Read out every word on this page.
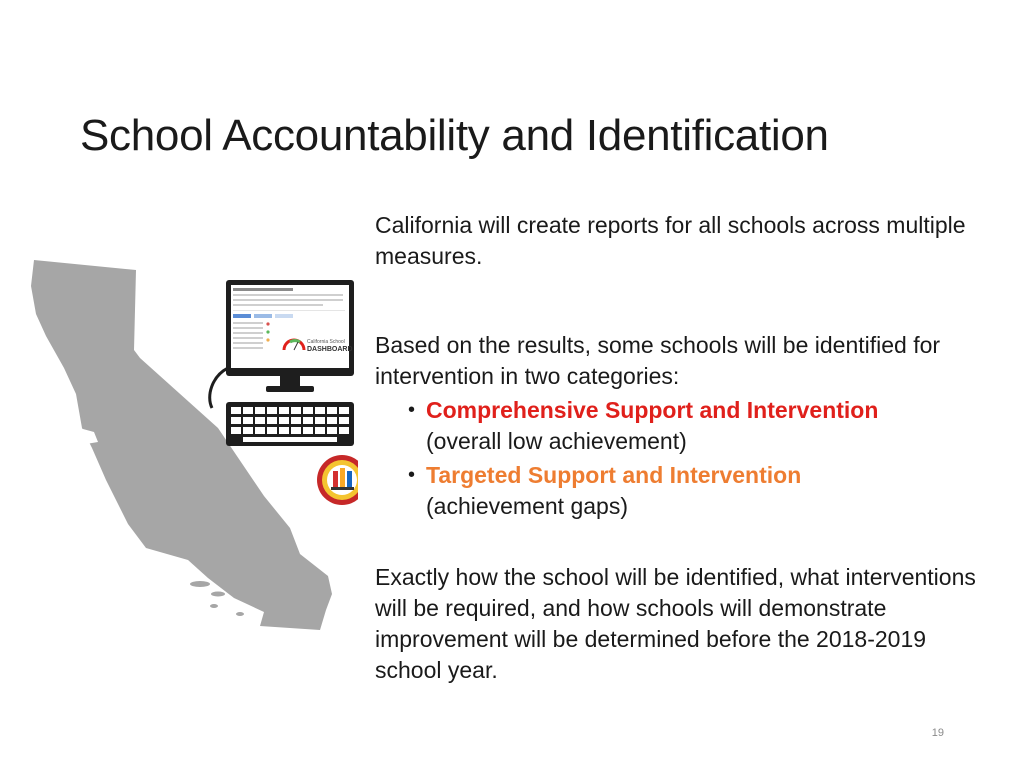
School Accountability and Identification
California School
DASHBOARD

California will create reports for all schools across multiple measures.

Based on the results, some schools will be identified for intervention in two categories:

• Comprehensive Support and Intervention
(overall low achievement)
• Targeted Support and Intervention
(achievement gaps)

Exactly how the school will be identified, what interventions will be required, and how schools will demonstrate improvement will be determined before the 2018-2019 school year.

19
